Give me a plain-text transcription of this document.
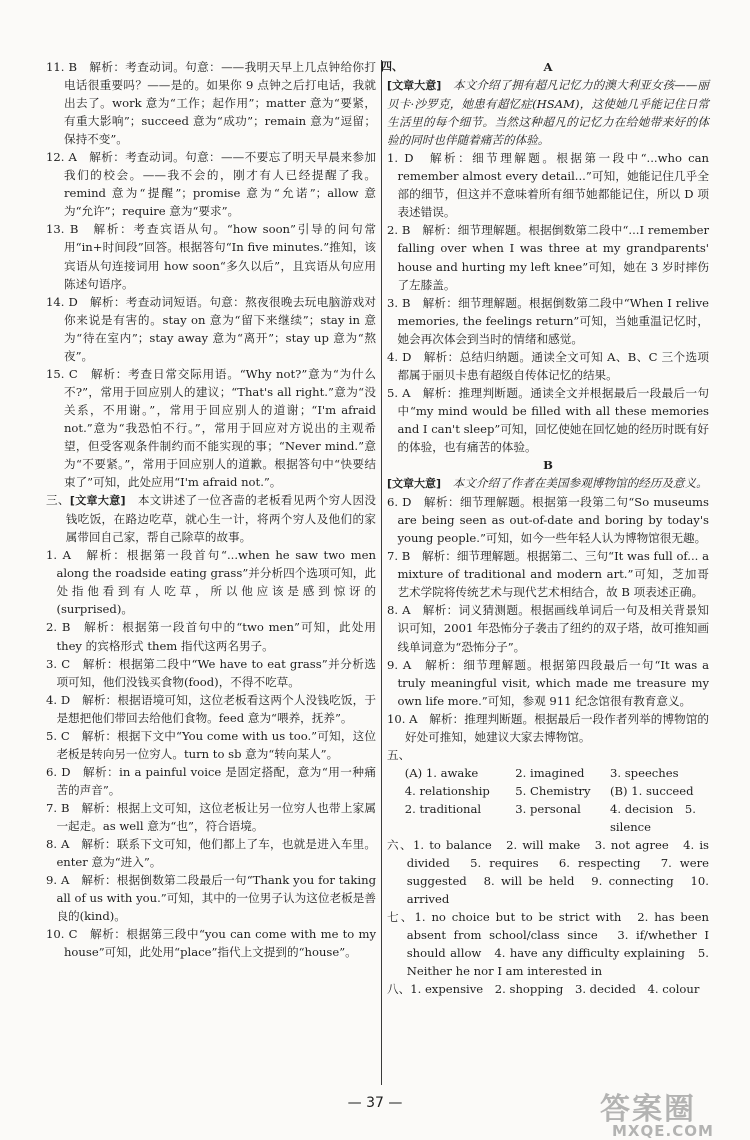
11. B　解析：考查动词。句意：——我明天早上几点钟给你打电话很重要吗？——是的。如果你 9 点钟之后打电话，我就出去了。work 意为“工作；起作用”；matter 意为“要紧，有重大影响”；succeed 意为“成功”；remain 意为“逗留；保持不变”。

12. A　解析：考查动词。句意：——不要忘了明天早晨来参加我们的校会。——我不会的，刚才有人已经提醒了我。remind 意为“提醒”；promise 意为“允诺”；allow 意为“允许”；require 意为“要求”。

13. B　解析：考查宾语从句。“how soon”引导的问句常用“in+时间段”回答。根据答句“In five minutes.”推知，该宾语从句连接词用 how soon“多久以后”，且宾语从句应用陈述句语序。

14. D　解析：考查动词短语。句意：熬夜很晚去玩电脑游戏对你来说是有害的。stay on 意为“留下来继续”；stay in 意为“待在室内”；stay away 意为“离开”；stay up 意为“熬夜”。

15. C　解析：考查日常交际用语。“Why not?”意为“为什么不?”，常用于回应别人的建议；“That's all right.”意为“没关系，不用谢。”，常用于回应别人的道谢；“I'm afraid not.”意为“我恐怕不行。”，常用于回应对方说出的主观希望，但受客观条件制约而不能实现的事；“Never mind.”意为“不要紧。”，常用于回应别人的道歉。根据答句中“快要结束了”可知，此处应用“I'm afraid not.”。

三、[文章大意]　 本文讲述了一位吝啬的老板看见两个穷人因没钱吃饭，在路边吃草，就心生一计，将两个穷人及他们的家属带回自己家，帮自己除草的故事。

1. A　解析：根据第一段首句“...when he saw two men along the roadside eating grass”并分析四个选项可知，此处指他看到有人吃草，所以他应该是感到惊讶的(surprised)。

2. B　解析：根据第一段首句中的“two men”可知，此处用 they 的宾格形式 them 指代这两名男子。

3. C　解析：根据第二段中“We have to eat grass”并分析选项可知，他们没钱买食物(food)，不得不吃草。

4. D　解析：根据语境可知，这位老板看这两个人没钱吃饭，于是想把他们带回去给他们食物。feed 意为“喂养，抚养”。

5. C　解析：根据下文中“You come with us too.”可知，这位老板是转向另一位穷人。turn to sb 意为“转向某人”。

6. D　解析：in a painful voice 是固定搭配，意为“用一种痛苦的声音”。

7. B　解析：根据上文可知，这位老板让另一位穷人也带上家属一起走。as well 意为“也”，符合语境。

8. A　解析：联系下文可知，他们都上了车，也就是进入车里。enter 意为“进入”。

9. A　解析：根据倒数第二段最后一句“Thank you for taking all of us with you.”可知，其中的一位男子认为这位老板是善良的(kind)。

10. C　解析：根据第三段中“you can come with me to my house”可知，此处用“place”指代上文提到的“house”。

四、	A

[文章大意]　 本文介绍了拥有超凡记忆力的澳大利亚女孩——丽贝卡·沙罗克，她患有超忆症(HSAM)，这使她几乎能记住日常生活里的每个细节。当然这种超凡的记忆力在给她带来好的体验的同时也伴随着痛苦的体验。

1. D　解析：细节理解题。根据第一段中“...who can remember almost every detail...”可知，她能记住几乎全部的细节，但这并不意味着所有细节她都能记住，所以 D 项表述错误。

2. B　解析：细节理解题。根据倒数第二段中“...I remember falling over when I was three at my grandparents' house and hurting my left knee”可知，她在 3 岁时摔伤了左膝盖。

3. B　解析：细节理解题。根据倒数第二段中“When I relive memories, the feelings return”可知，当她重温记忆时，她会再次体会到当时的情绪和感觉。

4. D　解析：总结归纳题。通读全文可知 A、B、C 三个选项都属于丽贝卡患有超级自传体记忆的结果。

5. A　解析：推理判断题。通读全文并根据最后一段最后一句中“my mind would be filled with all these memories and I can't sleep”可知，回忆使她在回忆她的经历时既有好的体验，也有痛苦的体验。

B

[文章大意]　 本文介绍了作者在美国参观博物馆的经历及意义。

6. D　解析：细节理解题。根据第一段第二句“So museums are being seen as out-of-date and boring by today's young people.”可知，如今一些年轻人认为博物馆很无趣。

7. B　解析：细节理解题。根据第二、三句“It was full of... a mixture of traditional and modern art.”可知，芝加哥艺术学院将传统艺术与现代艺术相结合，故 B 项表述正确。

8. A　解析：词义猜测题。根据画线单词后一句及相关背景知识可知，2001 年恐怖分子袭击了纽约的双子塔，故可推知画线单词意为“恐怖分子”。

9. A　解析：细节理解题。根据第四段最后一句“It was a truly meaningful visit, which made me treasure my own life more.”可知，参观 911 纪念馆很有教育意义。

10. A　解析：推理判断题。根据最后一段作者列举的博物馆的好处可推知，她建议大家去博物馆。

五、
(A) 1. awake	2. imagined	3. speeches
4. relationship	5. Chemistry	(B) 1. succeed
2. traditional	3. personal	4. decision　5. silence

六、1. to balance　2. will make　3. not agree　4. is divided　5. requires　6. respecting　7. were suggested　8. will be held　9. connecting　10. arrived

七、1. no choice but to be strict with　2. has been absent from school/class since　3. if/whether I should allow　4. have any difficulty explaining　5. Neither he nor I am interested in

八、1. expensive　2. shopping　3. decided　4. colour

— 37 —	答案圈
MXQE.COM
